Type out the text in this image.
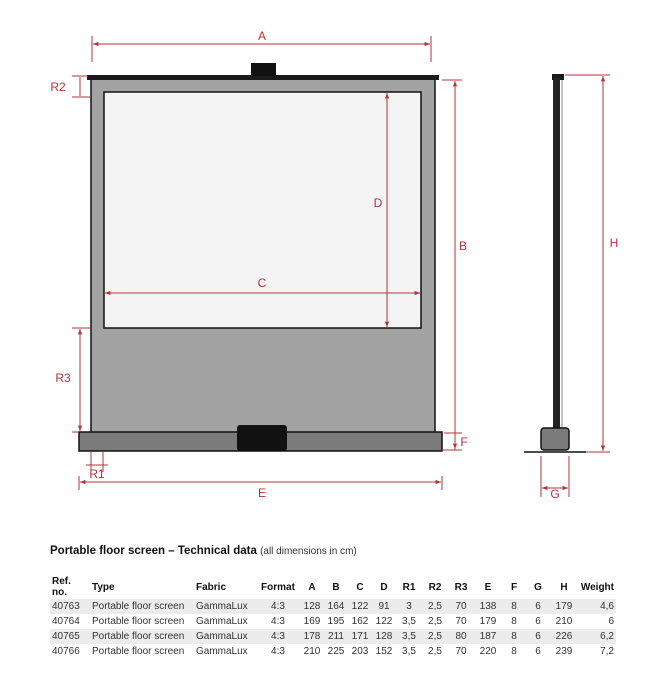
A
R2
B
D
C
R3
F
R1
E
H
G
Portable floor screen – Technical data (all dimensions in cm)
Ref. no.	Type	Fabric	Format	A	B	C	D	R1	R2	R3	E	F	G	H	Weight
40763	Portable floor screen	GammaLux	4:3	128	164	122	91	3	2,5	70	138	8	6	179	4,6
40764	Portable floor screen	GammaLux	4:3	169	195	162	122	3,5	2,5	70	179	8	6	210	6
40765	Portable floor screen	GammaLux	4:3	178	211	171	128	3,5	2,5	80	187	8	6	226	6,2
40766	Portable floor screen	GammaLux	4:3	210	225	203	152	3,5	2,5	70	220	8	6	239	7,2
